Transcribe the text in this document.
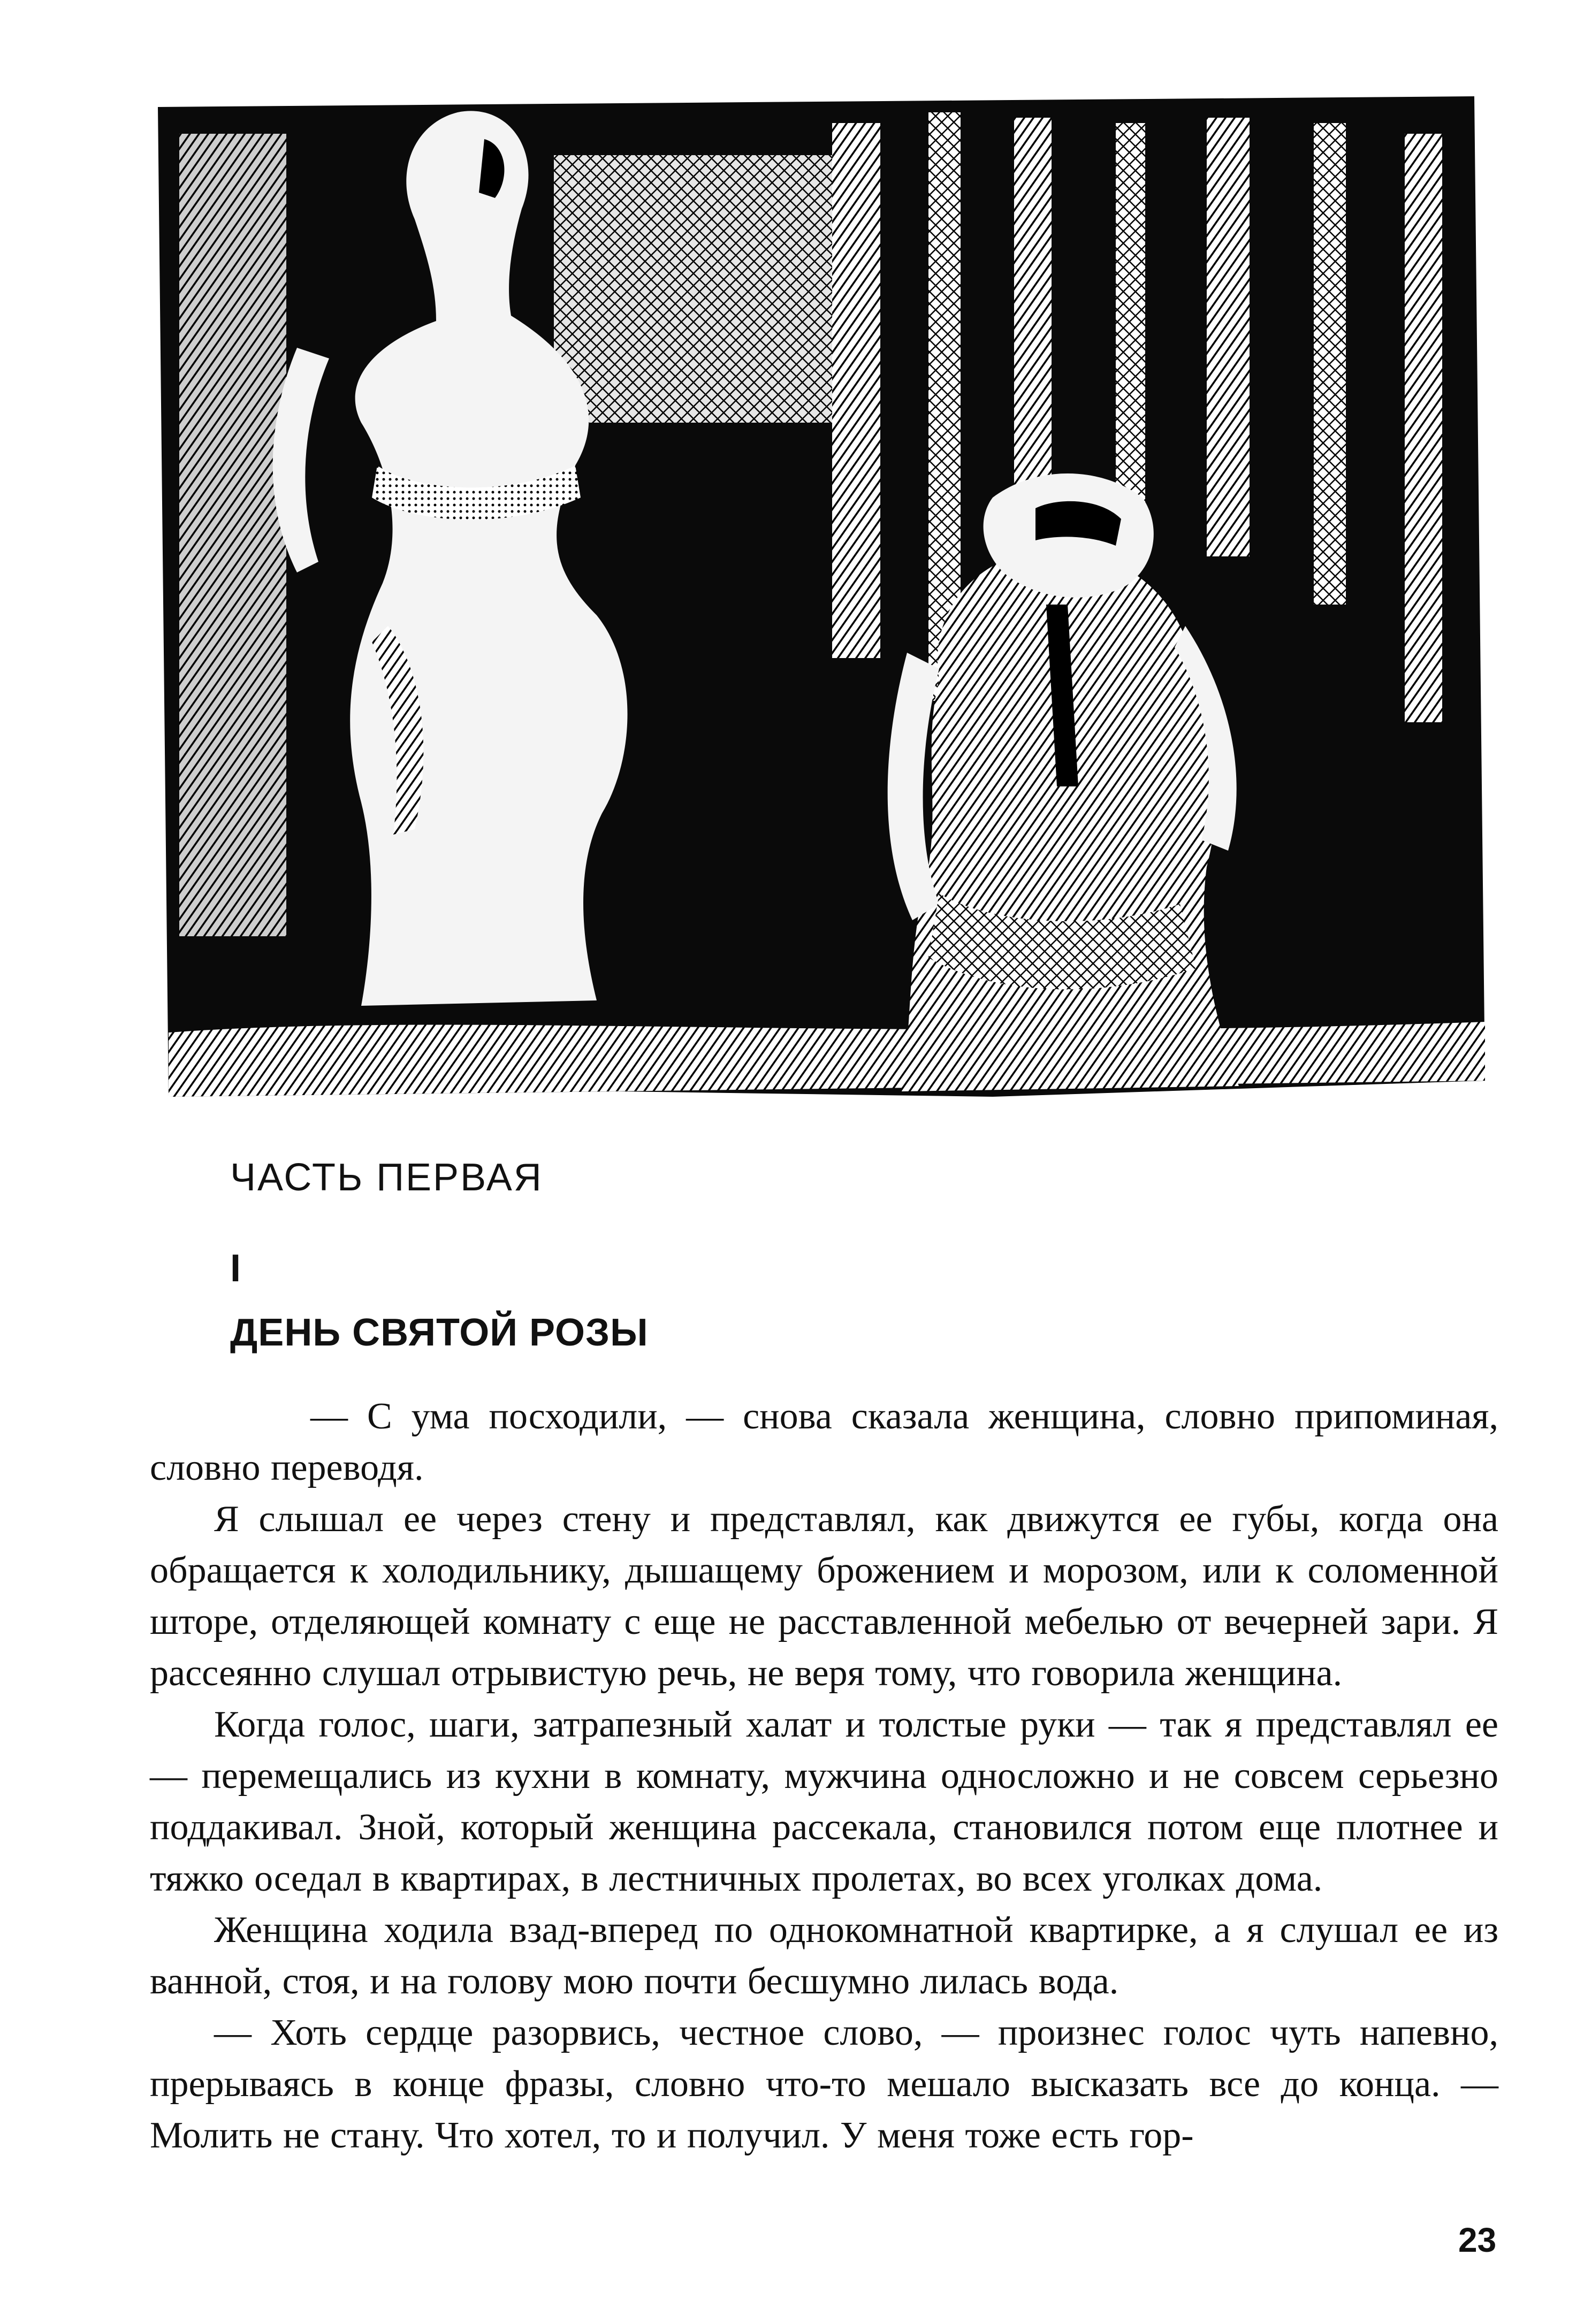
ЧАСТЬ ПЕРВАЯ
I
ДЕНЬ СВЯТОЙ РОЗЫ

— С ума посходили, — снова сказала женщина, словно припоминая, словно переводя.

Я слышал ее через стену и представлял, как движутся ее губы, когда она обращается к холодильнику, дышащему брожением и морозом, или к соломенной шторе, отделяющей комнату с еще не расставленной мебелью от вечерней зари. Я рассеянно слушал отрывистую речь, не веря тому, что говорила женщина.

Когда голос, шаги, затрапезный халат и толстые руки — так я представлял ее — перемещались из кухни в комнату, мужчина односложно и не совсем серьезно поддакивал. Зной, который женщина рассекала, становился потом еще плотнее и тяжко оседал в квартирах, в лестничных пролетах, во всех уголках дома.

Женщина ходила взад-вперед по однокомнатной квартирке, а я слушал ее из ванной, стоя, и на голову мою почти бесшумно лилась вода.

— Хоть сердце разорвись, честное слово, — произнес голос чуть напевно, прерываясь в конце фразы, словно что-то мешало высказать все до конца. — Молить не стану. Что хотел, то и получил. У меня тоже есть гор-

23
